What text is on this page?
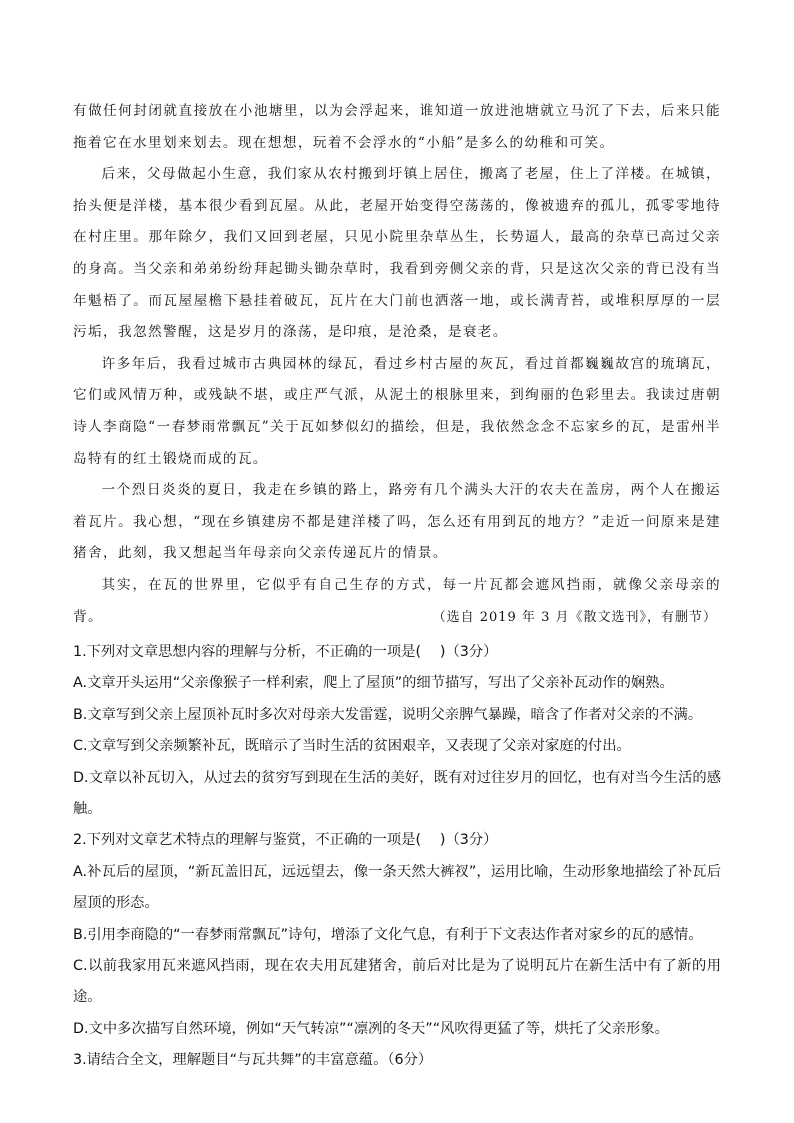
有做任何封闭就直接放在小池塘里，以为会浮起来，谁知道一放进池塘就立马沉了下去，后来只能拖着它在水里划来划去。现在想想，玩着不会浮水的“小船”是多么的幼稚和可笑。

后来，父母做起小生意，我们家从农村搬到圩镇上居住，搬离了老屋，住上了洋楼。在城镇，抬头便是洋楼，基本很少看到瓦屋。从此，老屋开始变得空荡荡的，像被遗弃的孤儿，孤零零地待在村庄里。那年除夕，我们又回到老屋，只见小院里杂草丛生，长势逼人，最高的杂草已高过父亲的身高。当父亲和弟弟纷纷拜起锄头锄杂草时，我看到旁侧父亲的背，只是这次父亲的背已没有当年魁梧了。而瓦屋屋檐下悬挂着破瓦，瓦片在大门前也洒落一地，或长满青苔，或堆积厚厚的一层污垢，我忽然警醒，这是岁月的涤荡，是印痕，是沧桑，是衰老。

许多年后，我看过城市古典园林的绿瓦，看过乡村古屋的灰瓦，看过首都巍巍故宫的琉璃瓦，它们或风情万种，或残缺不堪，或庄严气派，从泥土的根脉里来，到绚丽的色彩里去。我读过唐朝诗人李商隐“一春梦雨常飘瓦”关于瓦如梦似幻的描绘，但是，我依然念念不忘家乡的瓦，是雷州半岛特有的红土锻烧而成的瓦。

一个烈日炎炎的夏日，我走在乡镇的路上，路旁有几个满头大汗的农夫在盖房，两个人在搬运着瓦片。我心想，“现在乡镇建房不都是建洋楼了吗，怎么还有用到瓦的地方？”走近一问原来是建猪舍，此刻，我又想起当年母亲向父亲传递瓦片的情景。

其实，在瓦的世界里，它似乎有自己生存的方式，每一片瓦都会遮风挡雨，就像父亲母亲的背。	（选自 2019 年 3 月《散文选刊》，有删节）

1.下列对文章思想内容的理解与分析，不正确的一项是(　 )（3分）

A.文章开头运用“父亲像猴子一样利索，爬上了屋顶”的细节描写，写出了父亲补瓦动作的娴熟。

B.文章写到父亲上屋顶补瓦时多次对母亲大发雷霆，说明父亲脾气暴躁，暗含了作者对父亲的不满。

C.文章写到父亲频繁补瓦，既暗示了当时生活的贫困艰辛，又表现了父亲对家庭的付出。

D.文章以补瓦切入，从过去的贫穷写到现在生活的美好，既有对过往岁月的回忆，也有对当今生活的感触。

2.下列对文章艺术特点的理解与鉴赏，不正确的一项是(　 )（3分）

A.补瓦后的屋顶，“新瓦盖旧瓦，远远望去，像一条天然大裤衩”，运用比喻，生动形象地描绘了补瓦后屋顶的形态。

B.引用李商隐的“一春梦雨常飘瓦”诗句，增添了文化气息，有利于下文表达作者对家乡的瓦的感情。

C.以前我家用瓦来遮风挡雨，现在农夫用瓦建猪舍，前后对比是为了说明瓦片在新生活中有了新的用途。

D.文中多次描写自然环境，例如“天气转凉”“凛冽的冬天”“风吹得更猛了等，烘托了父亲形象。

3.请结合全文，理解题目“与瓦共舞”的丰富意蕴。（6分）
